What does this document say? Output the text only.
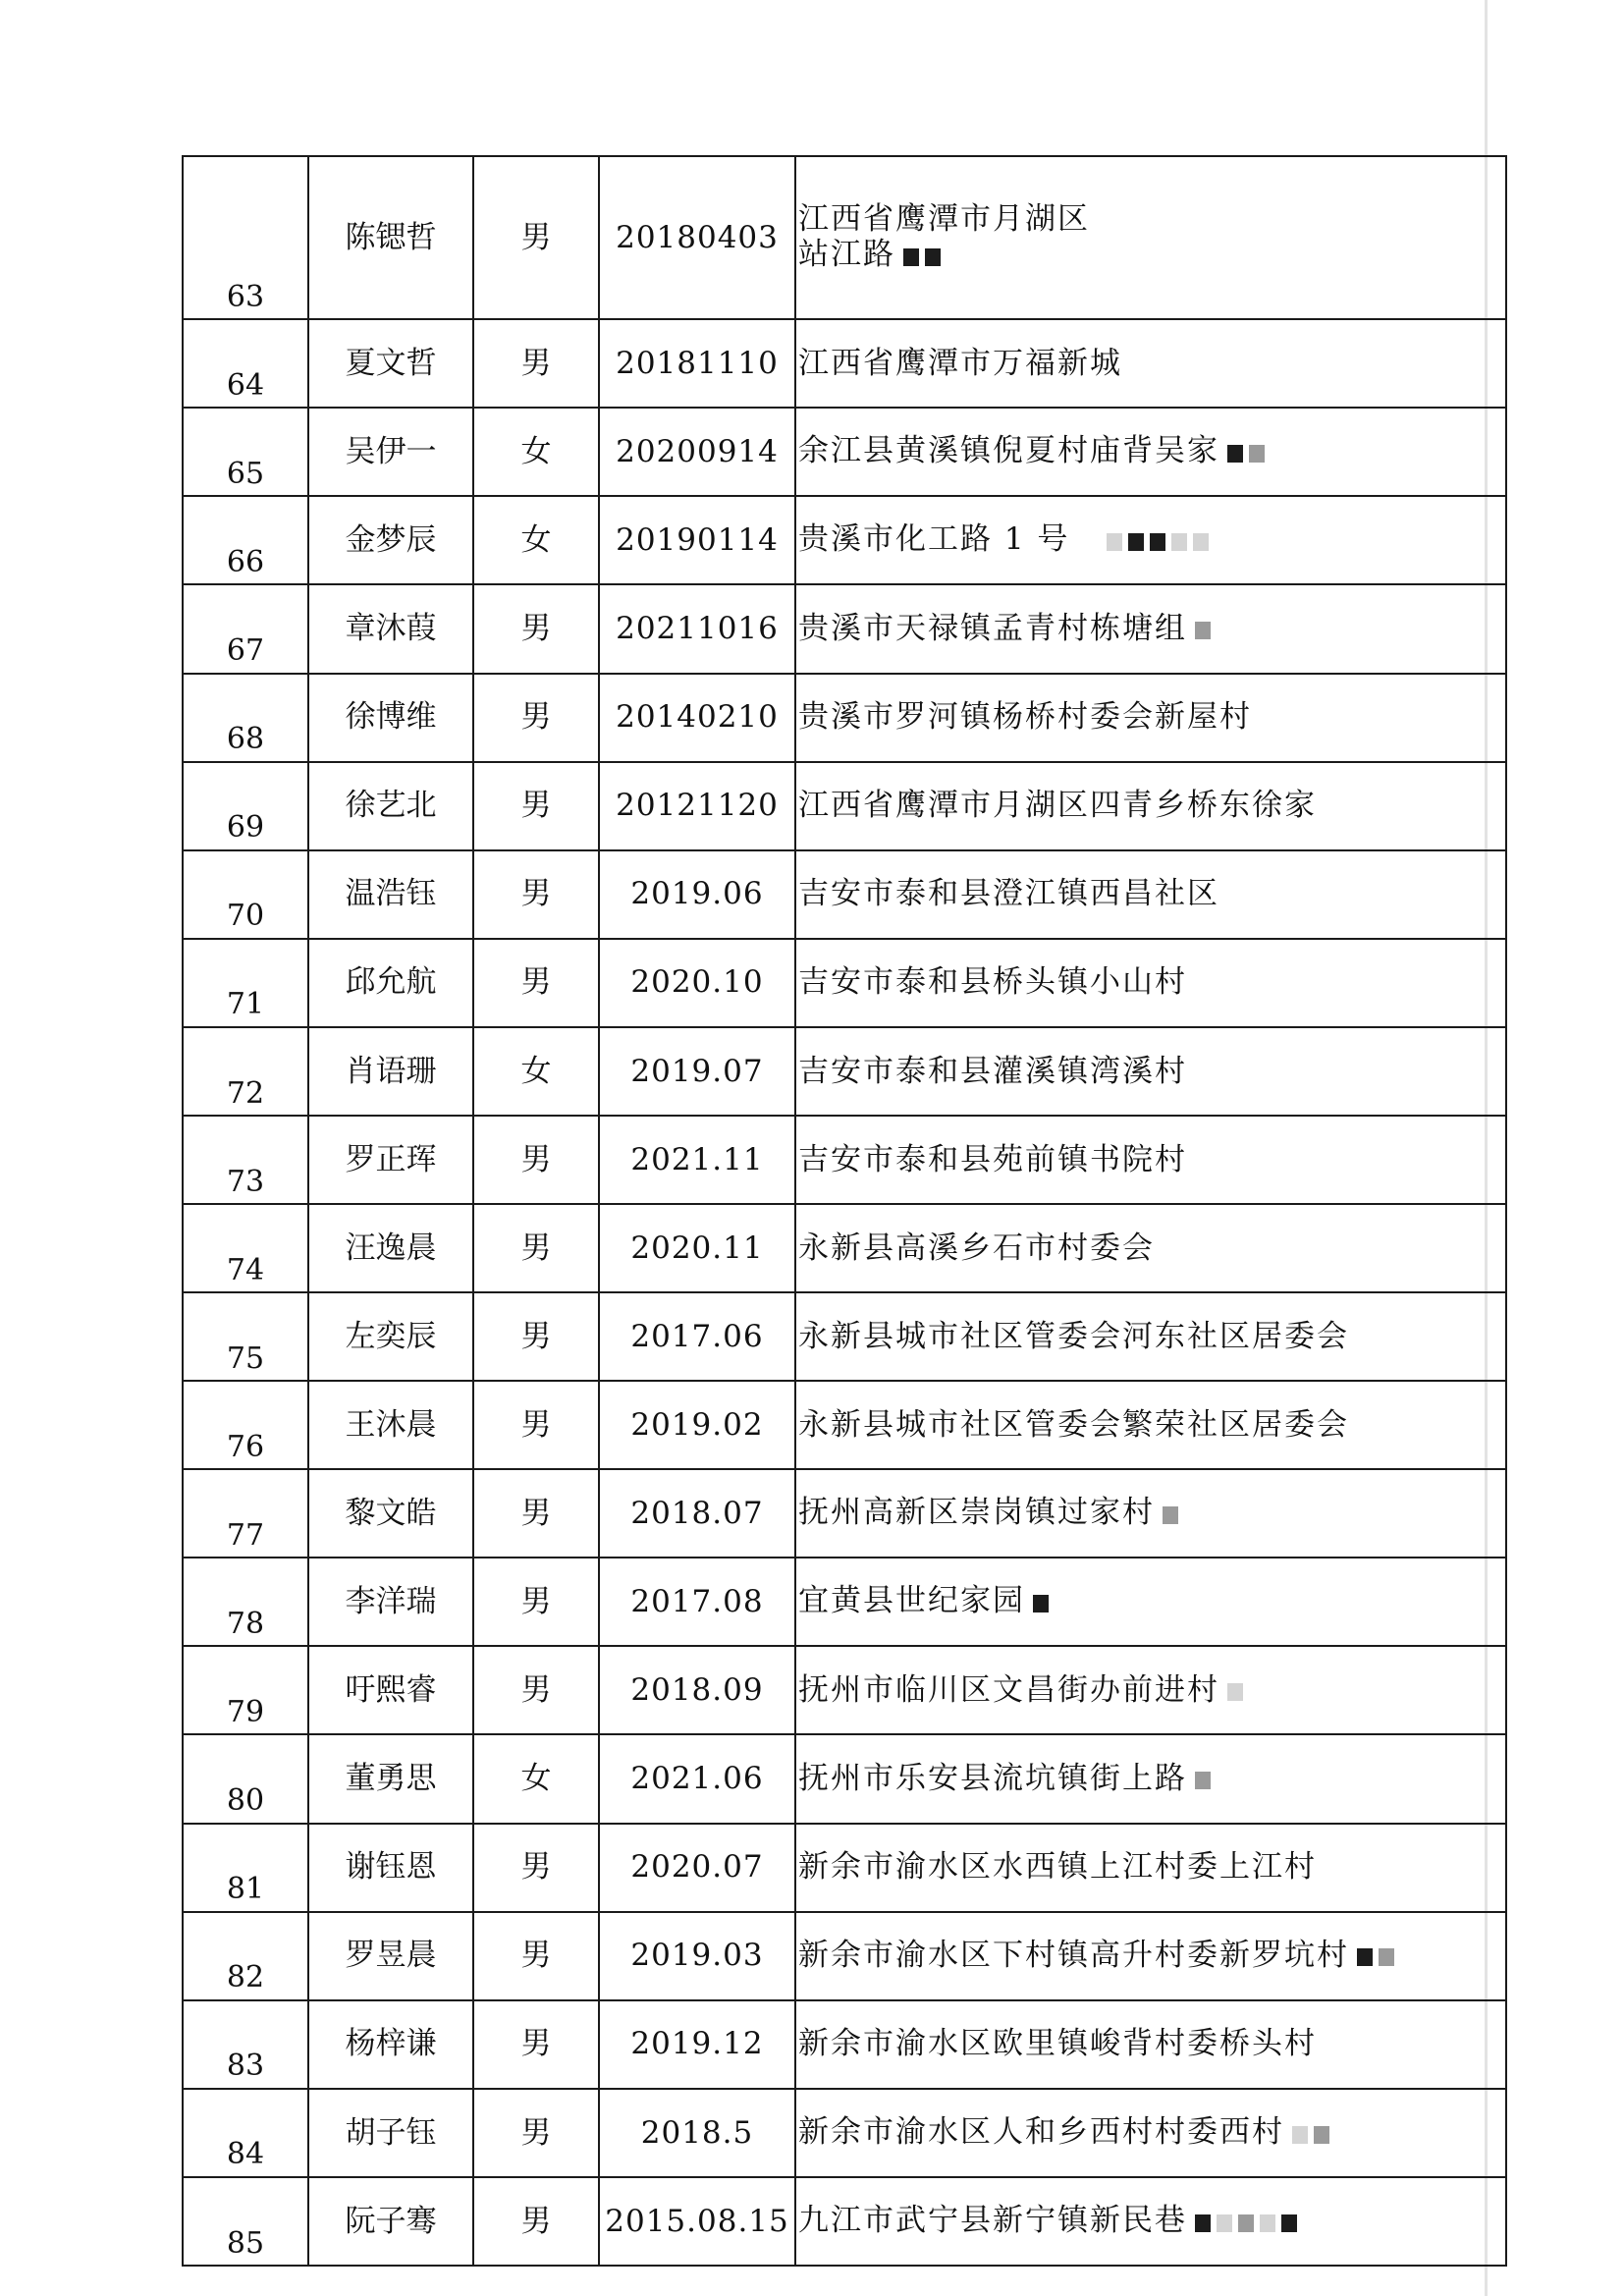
63	陈锶哲	男	20180403	江西省鹰潭市月湖区
站江路

64	夏文哲	男	20181110	江西省鹰潭市万福新城
65	吴伊一	女	20200914	余江县黄溪镇倪夏村庙背吴家
66	金梦辰	女	20190114	贵溪市化工路 1 号
67	章沐葭	男	20211016	贵溪市天禄镇孟青村栋塘组
68	徐博维	男	20140210	贵溪市罗河镇杨桥村委会新屋村
69	徐艺北	男	20121120	江西省鹰潭市月湖区四青乡桥东徐家
70	温浩钰	男	2019.06	吉安市泰和县澄江镇西昌社区
71	邱允航	男	2020.10	吉安市泰和县桥头镇小山村
72	肖语珊	女	2019.07	吉安市泰和县灌溪镇湾溪村
73	罗正珲	男	2021.11	吉安市泰和县苑前镇书院村
74	汪逸晨	男	2020.11	永新县高溪乡石市村委会
75	左奕辰	男	2017.06	永新县城市社区管委会河东社区居委会
76	王沐晨	男	2019.02	永新县城市社区管委会繁荣社区居委会
77	黎文皓	男	2018.07	抚州高新区崇岗镇过家村
78	李洋瑞	男	2017.08	宜黄县世纪家园
79	吁熙睿	男	2018.09	抚州市临川区文昌街办前进村
80	董勇思	女	2021.06	抚州市乐安县流坑镇街上路
81	谢钰恩	男	2020.07	新余市渝水区水西镇上江村委上江村
82	罗昱晨	男	2019.03	新余市渝水区下村镇高升村委新罗坑村
83	杨梓谦	男	2019.12	新余市渝水区欧里镇峻背村委桥头村
84	胡子钰	男	2018.5	新余市渝水区人和乡西村村委西村
85	阮子骞	男	2015.08.15	九江市武宁县新宁镇新民巷
